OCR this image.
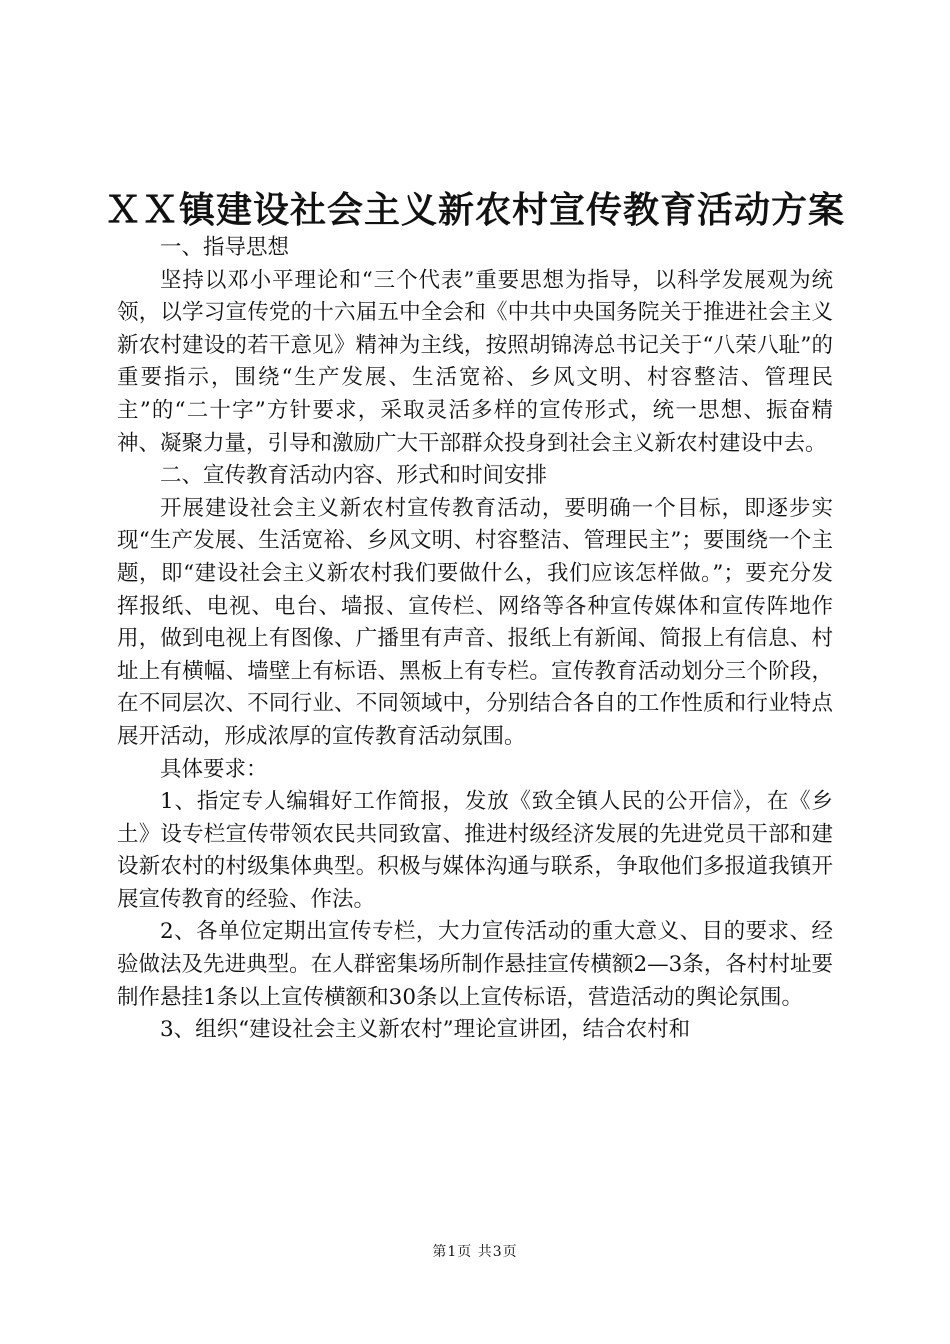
ＸＸ镇建设社会主义新农村宣传教育活动方案

一、指导思想

坚持以邓小平理论和“三个代表”重要思想为指导，以科学发展观为统领，以学习宣传党的十六届五中全会和《中共中央国务院关于推进社会主义新农村建设的若干意见》精神为主线，按照胡锦涛总书记关于“八荣八耻”的重要指示，围绕“生产发展、生活宽裕、乡风文明、村容整洁、管理民主”的“二十字”方针要求，采取灵活多样的宣传形式，统一思想、振奋精神、凝聚力量，引导和激励广大干部群众投身到社会主义新农村建设中去。

二、宣传教育活动内容、形式和时间安排

开展建设社会主义新农村宣传教育活动，要明确一个目标，即逐步实现“生产发展、生活宽裕、乡风文明、村容整洁、管理民主”；要围绕一个主题，即“建设社会主义新农村我们要做什么，我们应该怎样做。”；要充分发挥报纸、电视、电台、墙报、宣传栏、网络等各种宣传媒体和宣传阵地作用，做到电视上有图像、广播里有声音、报纸上有新闻、简报上有信息、村址上有横幅、墙壁上有标语、黑板上有专栏。宣传教育活动划分三个阶段，在不同层次、不同行业、不同领域中，分别结合各自的工作性质和行业特点展开活动，形成浓厚的宣传教育活动氛围。

具体要求：

1、指定专人编辑好工作简报，发放《致全镇人民的公开信》，在《乡土》设专栏宣传带领农民共同致富、推进村级经济发展的先进党员干部和建设新农村的村级集体典型。积极与媒体沟通与联系，争取他们多报道我镇开展宣传教育的经验、作法。

2、各单位定期出宣传专栏，大力宣传活动的重大意义、目的要求、经验做法及先进典型。在人群密集场所制作悬挂宣传横额2—3条，各村村址要制作悬挂1条以上宣传横额和30条以上宣传标语，营造活动的舆论氛围。

3、组织“建设社会主义新农村”理论宣讲团，结合农村和

第1页 共3页
